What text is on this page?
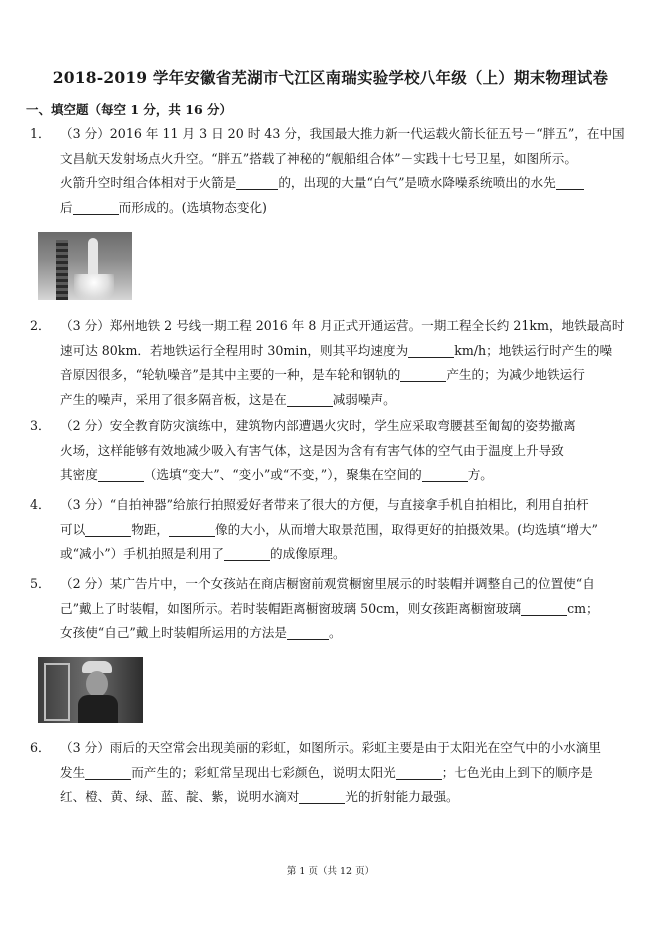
2018-2019 学年安徽省芜湖市弋江区南瑞实验学校八年级（上）期末物理试卷
一、填空题（每空 1 分，共 16 分）
1． （3 分）2016 年 11 月 3 日 20 时 43 分，我国最大推力新一代运载火箭长征五号－“胖五”，在中国
文昌航天发射场点火升空。“胖五”搭载了神秘的“舰船组合体”－实践十七号卫星，如图所示。
火箭升空时组合体相对于火箭是	的，出现的大量“白气”是喷水降噪系统喷出的水先
后	而形成的。(选填物态变化)
2． （3 分）郑州地铁 2 号线一期工程 2016 年 8 月正式开通运营。一期工程全长约 21km，地铁最高时
速可达 80km．若地铁运行全程用时 30min，则其平均速度为	km/h；地铁运行时产生的噪
音原因很多，“轮轨噪音”是其中主要的一种，是车轮和钢轨的	产生的；为减少地铁运行
产生的噪声，采用了很多隔音板，这是在	减弱噪声。
3． （2 分）安全教育防灾演练中，建筑物内部遭遇火灾时，学生应采取弯腰甚至匍匐的姿势撤离
火场，这样能够有效地减少吸入有害气体，这是因为含有有害气体的空气由于温度上升导致
其密度	（选填“变大”、“变小”或“不变，”），聚集在空间的	方。
4． （3 分）“自拍神器”给旅行拍照爱好者带来了很大的方便，与直接拿手机自拍相比，利用自拍杆
可以	物距，	像的大小，从而增大取景范围，取得更好的拍摄效果。(均选填“增大”
或“减小”）手机拍照是利用了	的成像原理。
5． （2 分）某广告片中，一个女孩站在商店橱窗前观赏橱窗里展示的时装帽并调整自己的位置使“自
己”戴上了时装帽，如图所示。若时装帽距离橱窗玻璃 50cm，则女孩距离橱窗玻璃	cm；
女孩使“自己”戴上时装帽所运用的方法是	。
6． （3 分）雨后的天空常会出现美丽的彩虹，如图所示。彩虹主要是由于太阳光在空气中的小水滴里
发生	而产生的；彩虹常呈现出七彩颜色，说明太阳光	；七色光由上到下的顺序是
红、橙、黄、绿、蓝、靛、紫，说明水滴对	光的折射能力最强。
第 1 页（共 12 页）
